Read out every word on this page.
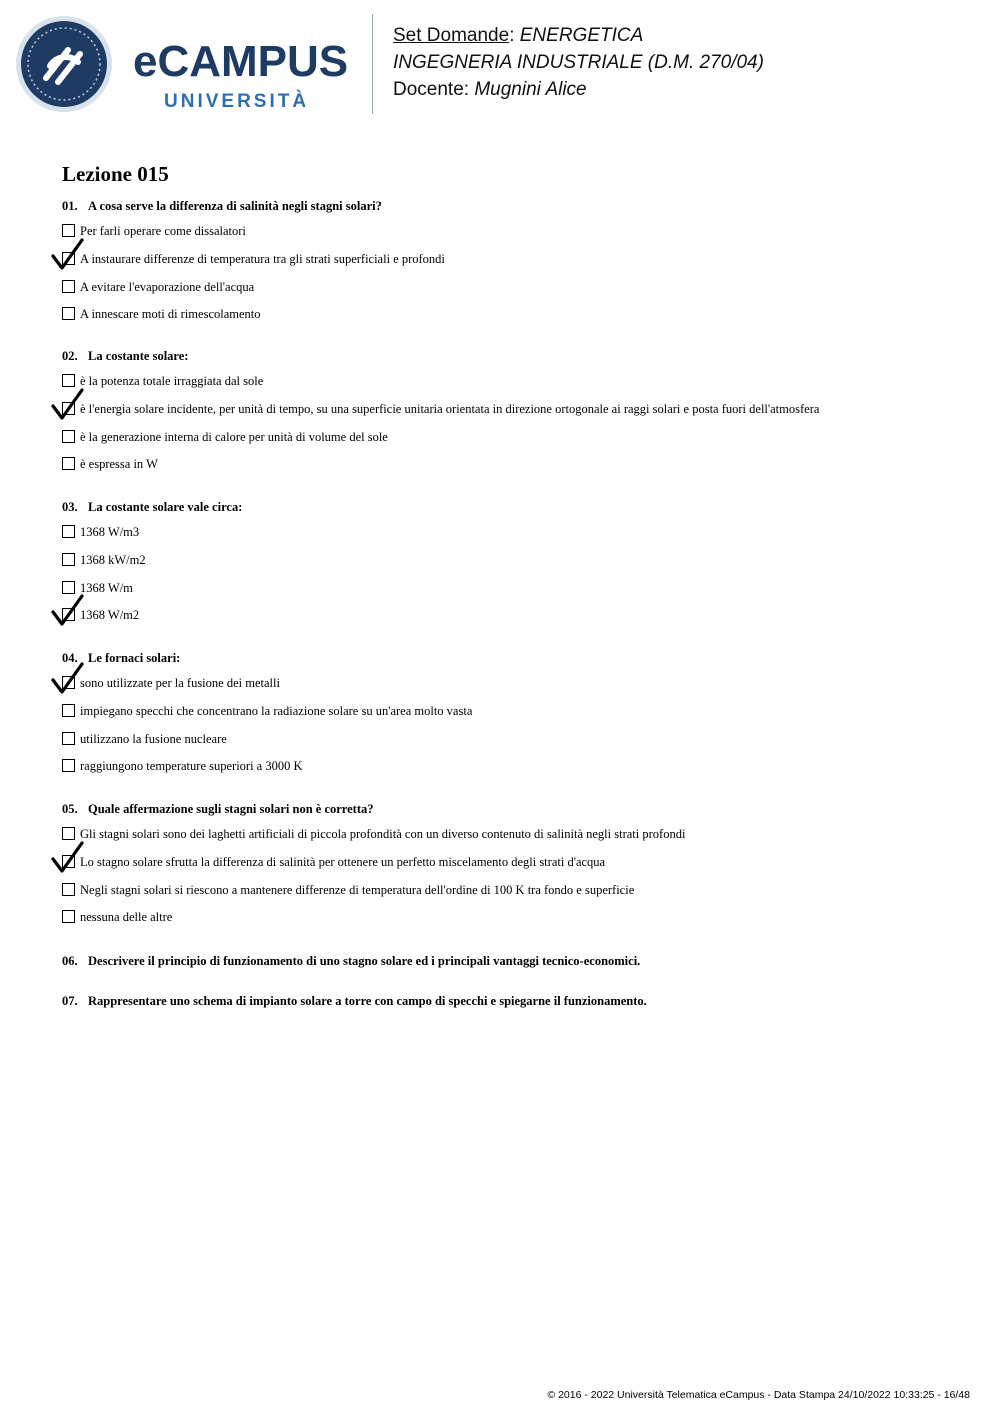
eCAMPUS
UNIVERSITÀ
Set Domande: ENERGETICA
INGEGNERIA INDUSTRIALE (D.M. 270/04)
Docente: Mugnini Alice
Lezione 015
01. A cosa serve la differenza di salinità negli stagni solari?
Per farli operare come dissalatori
A instaurare differenze di temperatura tra gli strati superficiali e profondi
A evitare l'evaporazione dell'acqua
A innescare moti di rimescolamento
02. La costante solare:
è la potenza totale irraggiata dal sole
è l'energia solare incidente, per unità di tempo, su una superficie unitaria orientata in direzione ortogonale ai raggi solari e posta fuori dell'atmosfera
è la generazione interna di calore per unità di volume del sole
è espressa in W
03. La costante solare vale circa:
1368 W/m3
1368 kW/m2
1368 W/m
1368 W/m2
04. Le fornaci solari:
sono utilizzate per la fusione dei metalli
impiegano specchi che concentrano la radiazione solare su un'area molto vasta
utilizzano la fusione nucleare
raggiungono temperature superiori a 3000 K
05. Quale affermazione sugli stagni solari non è corretta?
Gli stagni solari sono dei laghetti artificiali di piccola profondità con un diverso contenuto di salinità negli strati profondi
Lo stagno solare sfrutta la differenza di salinità per ottenere un perfetto miscelamento degli strati d'acqua
Negli stagni solari si riescono a mantenere differenze di temperatura dell'ordine di 100 K tra fondo e superficie
nessuna delle altre
06. Descrivere il principio di funzionamento di uno stagno solare ed i principali vantaggi tecnico-economici.
07. Rappresentare uno schema di impianto solare a torre con campo di specchi e spiegarne il funzionamento.
© 2016 - 2022 Università Telematica eCampus - Data Stampa 24/10/2022 10:33:25 - 16/48
